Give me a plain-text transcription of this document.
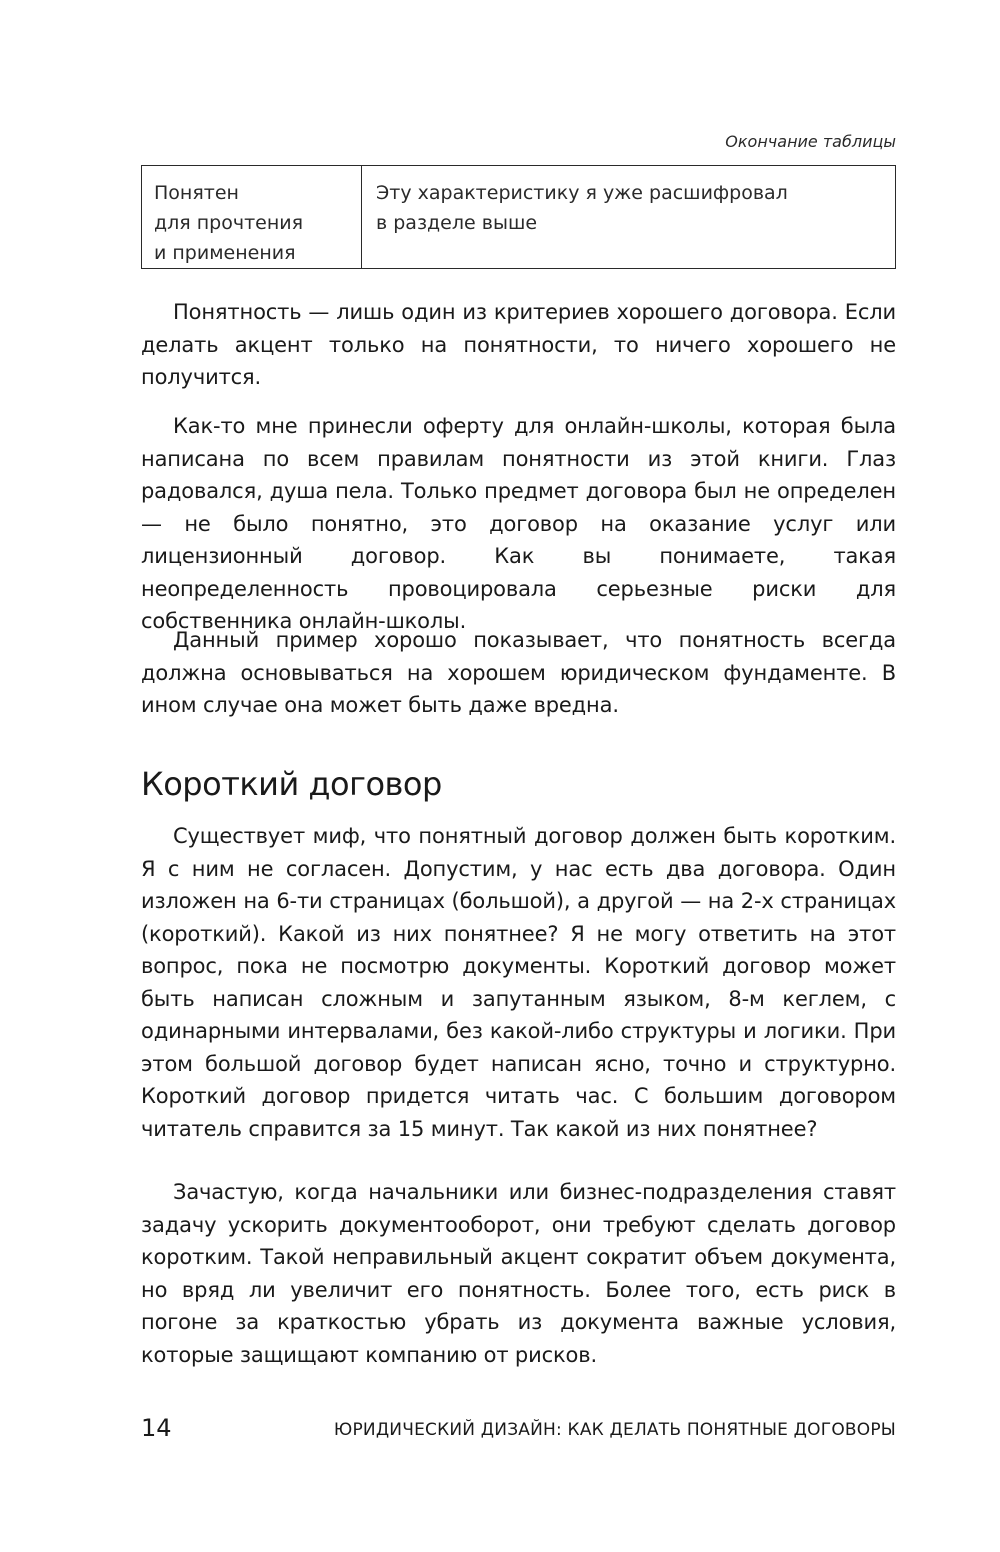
Окончание таблицы
Понятен
для прочтения
и применения
Эту характеристику я уже расшифровал
в разделе выше

Понятность — лишь один из критериев хорошего договора. Если делать акцент только на понятности, то ничего хорошего не получится.

Как-то мне принесли оферту для онлайн-школы, которая была написана по всем правилам понятности из этой книги. Глаз радовался, душа пела. Только предмет договора был не определен — не было понятно, это договор на оказание услуг или лицензионный договор. Как вы понимаете, такая неопределенность провоцировала серьезные риски для собственника онлайн-школы.

Данный пример хорошо показывает, что понятность всегда должна основываться на хорошем юридическом фундаменте. В ином случае она может быть даже вредна.

Короткий договор

Существует миф, что понятный договор должен быть коротким. Я с ним не согласен. Допустим, у нас есть два договора. Один изложен на 6-ти страницах (большой), а другой — на 2-х страницах (короткий). Какой из них понятнее? Я не могу ответить на этот вопрос, пока не посмотрю документы. Короткий договор может быть написан сложным и запутанным языком, 8-м кеглем, с одинарными интервалами, без какой-либо структуры и логики. При этом большой договор будет написан ясно, точно и структурно. Короткий договор придется читать час. С большим договором читатель справится за 15 минут. Так какой из них понятнее?

Зачастую, когда начальники или бизнес-подразделения ставят задачу ускорить документооборот, они требуют сделать договор коротким. Такой неправильный акцент сократит объем документа, но вряд ли увеличит его понятность. Более того, есть риск в погоне за краткостью убрать из документа важные условия, которые защищают компанию от рисков.

14	ЮРИДИЧЕСКИЙ ДИЗАЙН: КАК ДЕЛАТЬ ПОНЯТНЫЕ ДОГОВОРЫ
